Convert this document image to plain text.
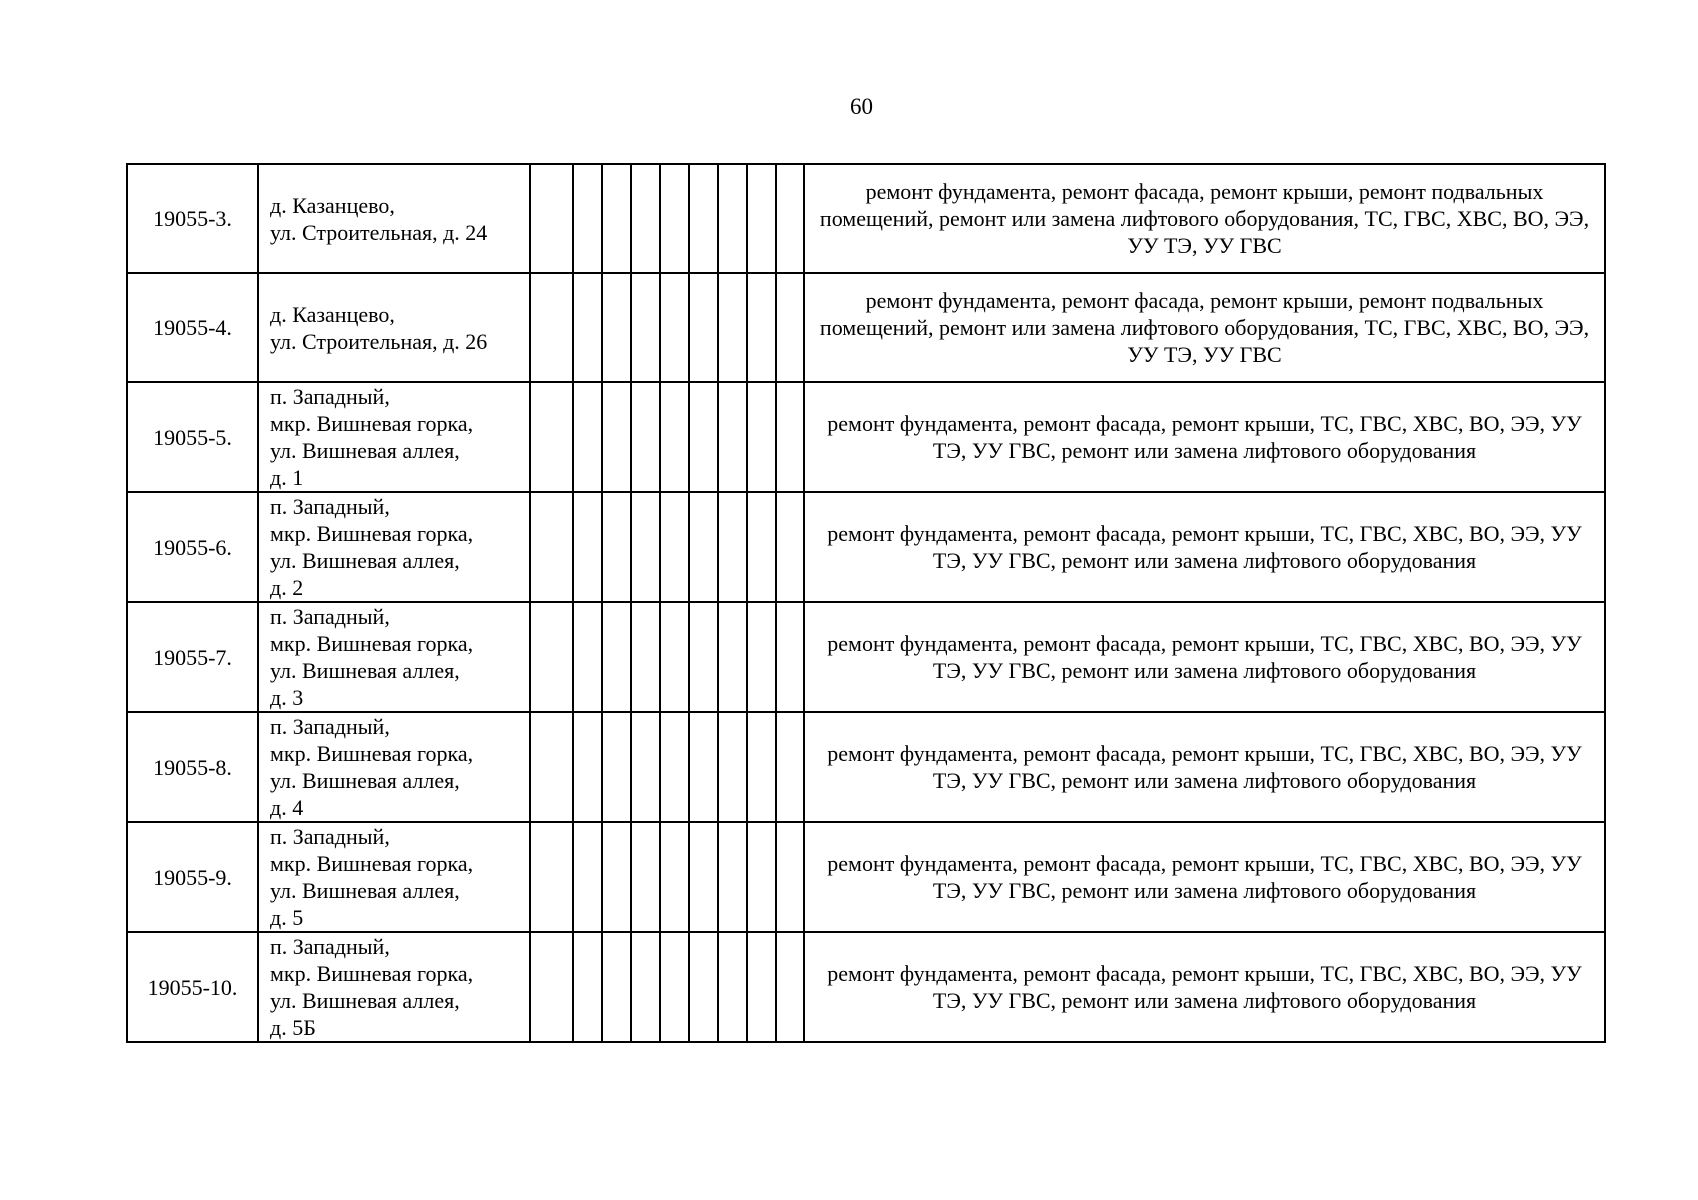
60
19055-3.	д. Казанцево,
ул. Строительная, д. 24										ремонт фундамента, ремонт фасада, ремонт крыши, ремонт подвальных помещений, ремонт или замена лифтового оборудования, ТС, ГВС, ХВС, ВО, ЭЭ, УУ ТЭ, УУ ГВС
19055-4.	д. Казанцево,
ул. Строительная, д. 26										ремонт фундамента, ремонт фасада, ремонт крыши, ремонт подвальных помещений, ремонт или замена лифтового оборудования, ТС, ГВС, ХВС, ВО, ЭЭ, УУ ТЭ, УУ ГВС
19055-5.	п. Западный,
мкр. Вишневая горка,
ул. Вишневая аллея,
д. 1										ремонт фундамента, ремонт фасада, ремонт крыши, ТС, ГВС, ХВС, ВО, ЭЭ, УУ ТЭ, УУ ГВС, ремонт или замена лифтового оборудования
19055-6.	п. Западный,
мкр. Вишневая горка,
ул. Вишневая аллея,
д. 2										ремонт фундамента, ремонт фасада, ремонт крыши, ТС, ГВС, ХВС, ВО, ЭЭ, УУ ТЭ, УУ ГВС, ремонт или замена лифтового оборудования
19055-7.	п. Западный,
мкр. Вишневая горка,
ул. Вишневая аллея,
д. 3										ремонт фундамента, ремонт фасада, ремонт крыши, ТС, ГВС, ХВС, ВО, ЭЭ, УУ ТЭ, УУ ГВС, ремонт или замена лифтового оборудования
19055-8.	п. Западный,
мкр. Вишневая горка,
ул. Вишневая аллея,
д. 4										ремонт фундамента, ремонт фасада, ремонт крыши, ТС, ГВС, ХВС, ВО, ЭЭ, УУ ТЭ, УУ ГВС, ремонт или замена лифтового оборудования
19055-9.	п. Западный,
мкр. Вишневая горка,
ул. Вишневая аллея,
д. 5										ремонт фундамента, ремонт фасада, ремонт крыши, ТС, ГВС, ХВС, ВО, ЭЭ, УУ ТЭ, УУ ГВС, ремонт или замена лифтового оборудования
19055-10.	п. Западный,
мкр. Вишневая горка,
ул. Вишневая аллея,
д. 5Б										ремонт фундамента, ремонт фасада, ремонт крыши, ТС, ГВС, ХВС, ВО, ЭЭ, УУ ТЭ, УУ ГВС, ремонт или замена лифтового оборудования
